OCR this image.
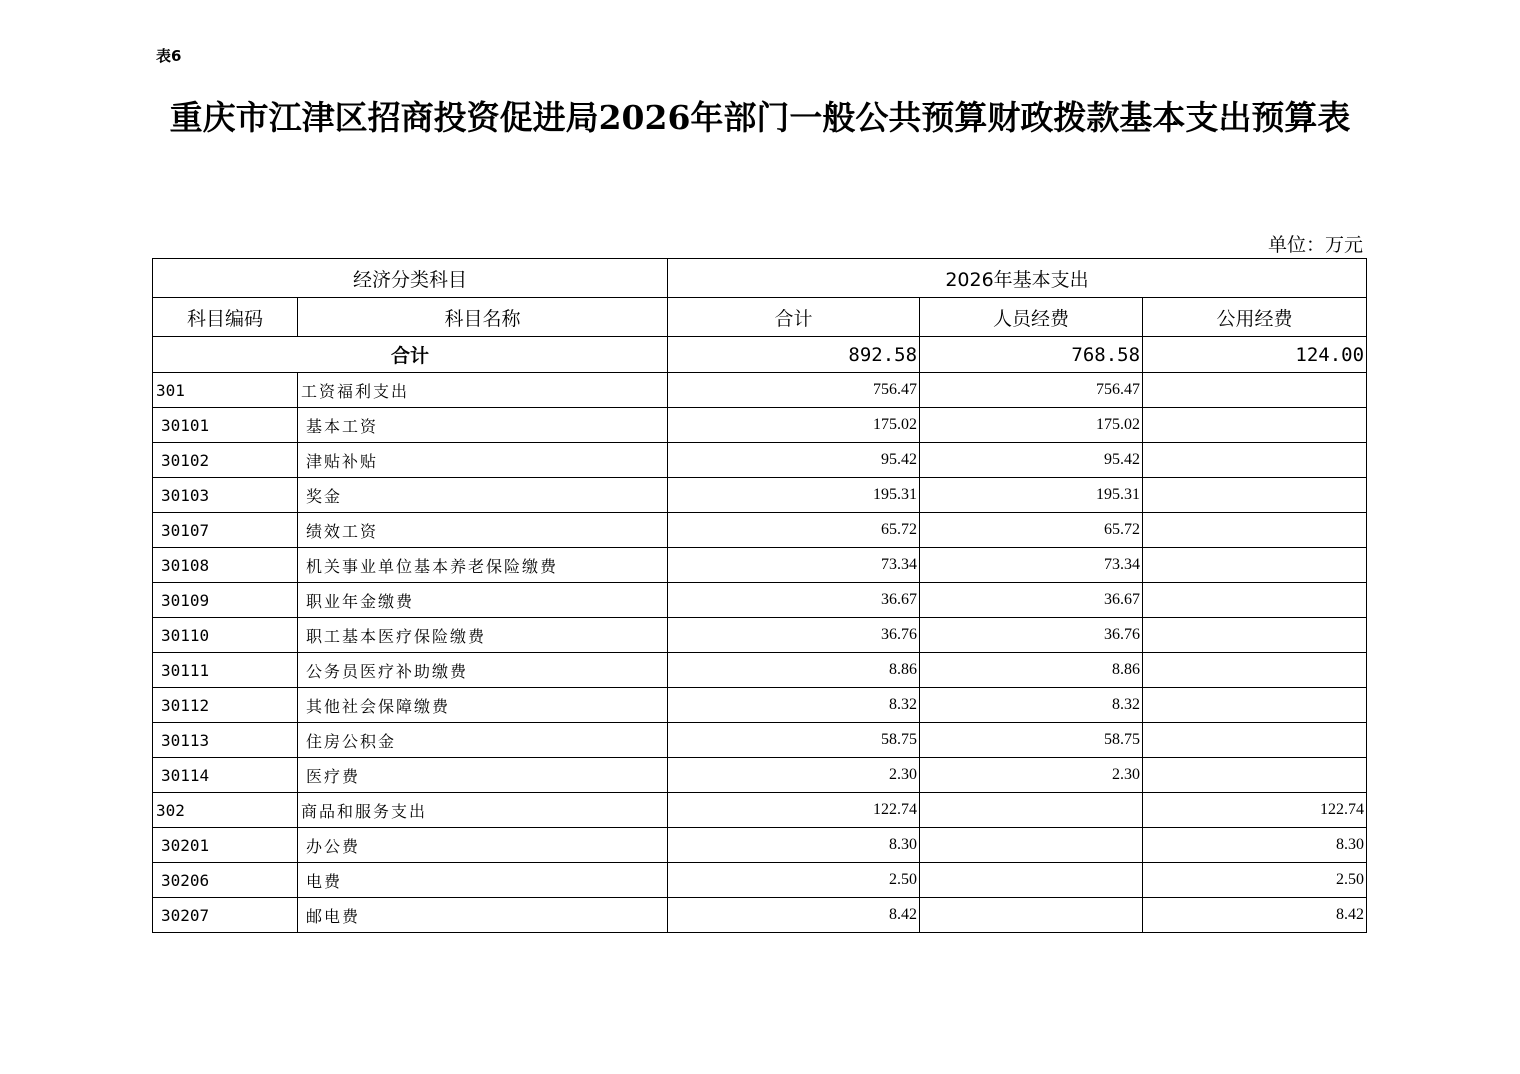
表6
重庆市江津区招商投资促进局2026年部门一般公共预算财政拨款基本支出预算表
单位：万元
经济分类科目		2026年基本支出		
科目编码	科目名称	合计	人员经费	公用经费
合计		892.58	768.58	124.00
301	工资福利支出	756.47	756.47	
30101	基本工资	175.02	175.02	
30102	津贴补贴	95.42	95.42	
30103	奖金	195.31	195.31	
30107	绩效工资	65.72	65.72	
30108	机关事业单位基本养老保险缴费	73.34	73.34	
30109	职业年金缴费	36.67	36.67	
30110	职工基本医疗保险缴费	36.76	36.76	
30111	公务员医疗补助缴费	8.86	8.86	
30112	其他社会保障缴费	8.32	8.32	
30113	住房公积金	58.75	58.75	
30114	医疗费	2.30	2.30	
302	商品和服务支出	122.74		122.74
30201	办公费	8.30		8.30
30206	电费	2.50		2.50
30207	邮电费	8.42		8.42
